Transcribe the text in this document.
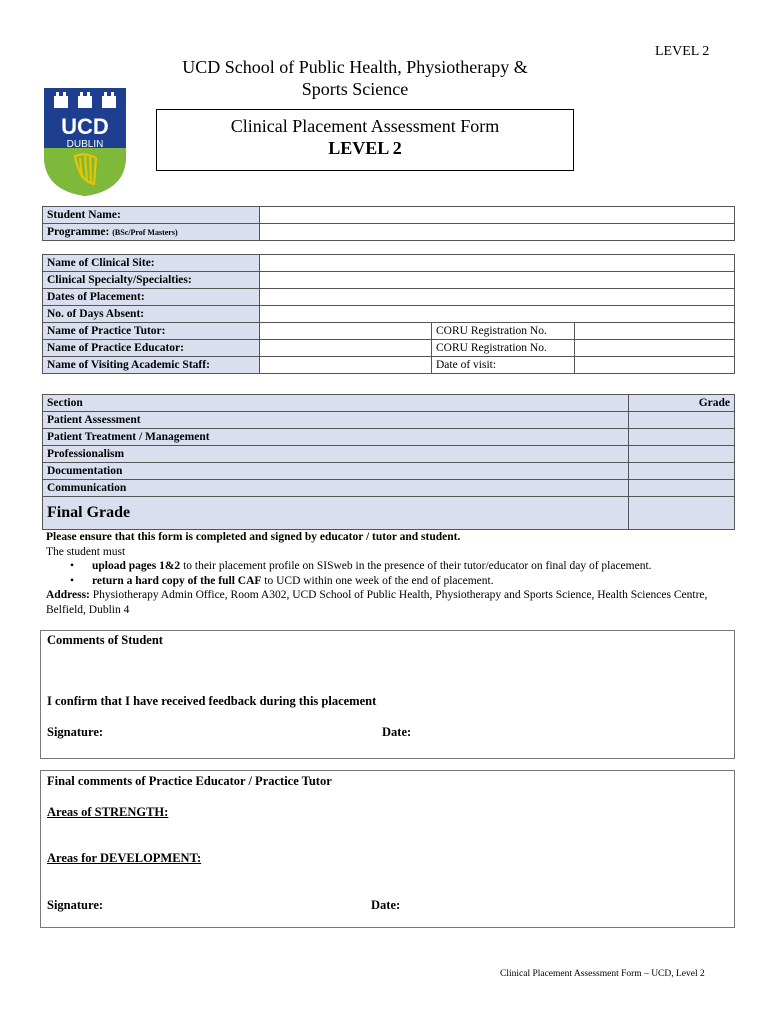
LEVEL 2
UCD School of Public Health, Physiotherapy &
Sports Science
UCD
DUBLIN
Clinical Placement Assessment Form
LEVEL 2
Student Name:	
Programme: (BSc/Prof Masters)	
Name of Clinical Site:			
Clinical Specialty/Specialties:			
Dates of Placement:			
No. of Days Absent:			
Name of Practice Tutor:		CORU Registration No.	
Name of Practice Educator:		CORU Registration No.	
Name of Visiting Academic Staff:		Date of visit:	
Section	Grade
Patient Assessment	
Patient Treatment / Management	
Professionalism	
Documentation	
Communication	
Final Grade	
Please ensure that this form is completed and signed by educator / tutor and student.
The student must
• upload pages 1&2 to their placement profile on SISweb in the presence of their tutor/educator on final day of placement.
• return a hard copy of the full CAF to UCD within one week of the end of placement.
Address: Physiotherapy Admin Office, Room A302, UCD School of Public Health, Physiotherapy and Sports Science, Health Sciences Centre, Belfield, Dublin 4
Comments of Student
I confirm that I have received feedback during this placement
Signature:	Date:
Final comments of Practice Educator / Practice Tutor
Areas of STRENGTH:
Areas for DEVELOPMENT:
Signature:	Date:
Clinical Placement Assessment Form – UCD, Level 2
